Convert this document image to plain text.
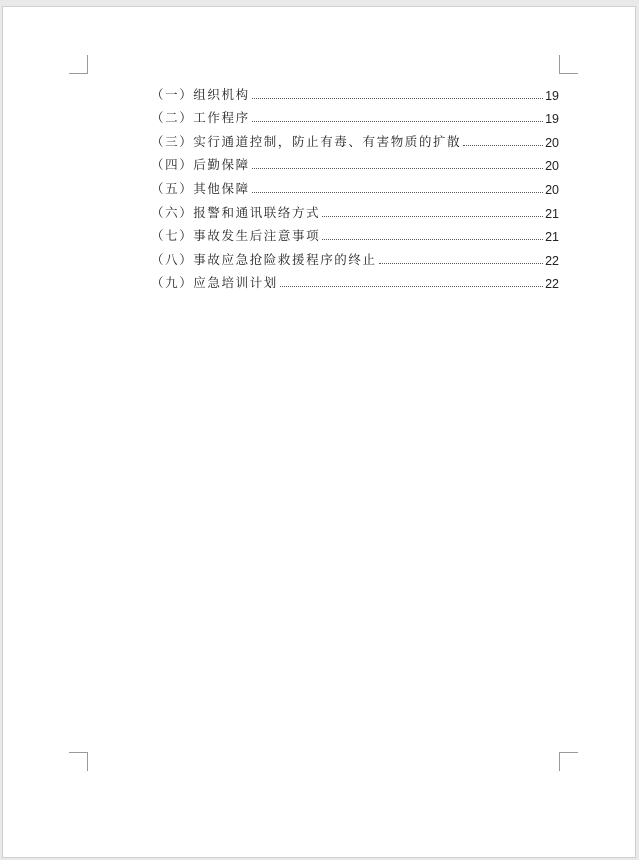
（一）组织机构	19
（二）工作程序	19
（三）实行通道控制，防止有毒、有害物质的扩散	20
（四）后勤保障	20
（五）其他保障	20
（六）报警和通讯联络方式	21
（七）事故发生后注意事项	21
（八）事故应急抢险救援程序的终止	22
（九）应急培训计划	22
